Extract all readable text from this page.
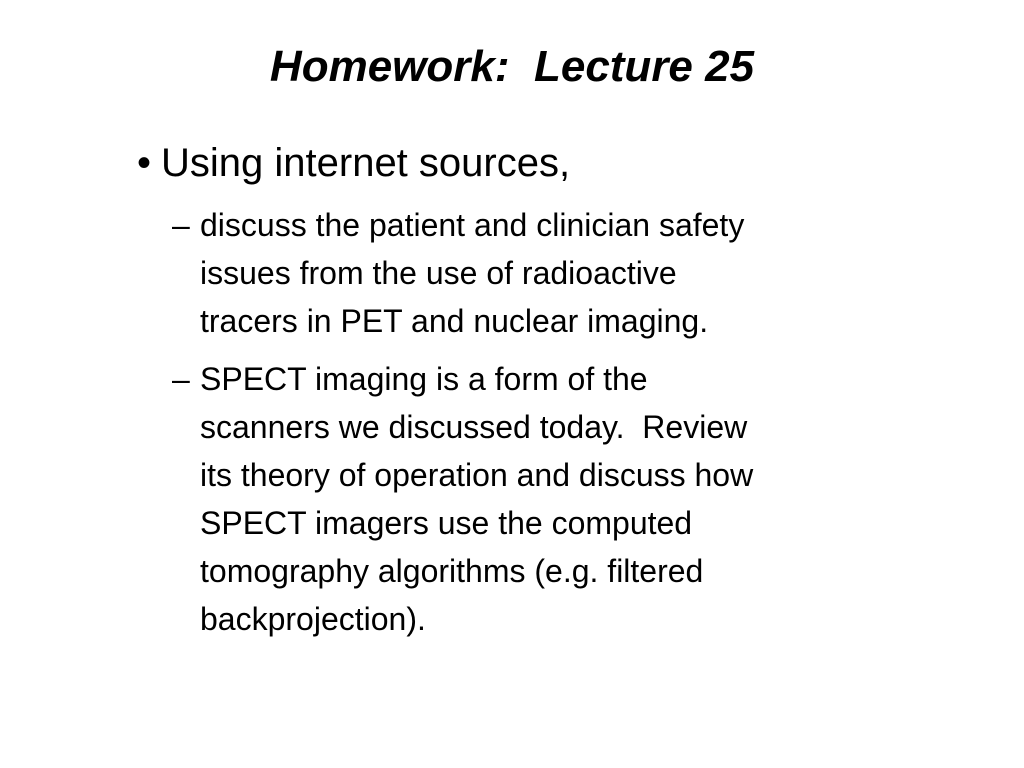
Homework:  Lecture 25
• Using internet sources,
– discuss the patient and clinician safety
issues from the use of radioactive
tracers in PET and nuclear imaging.
– SPECT imaging is a form of the
scanners we discussed today.  Review
its theory of operation and discuss how
SPECT imagers use the computed
tomography algorithms (e.g. filtered
backprojection).
